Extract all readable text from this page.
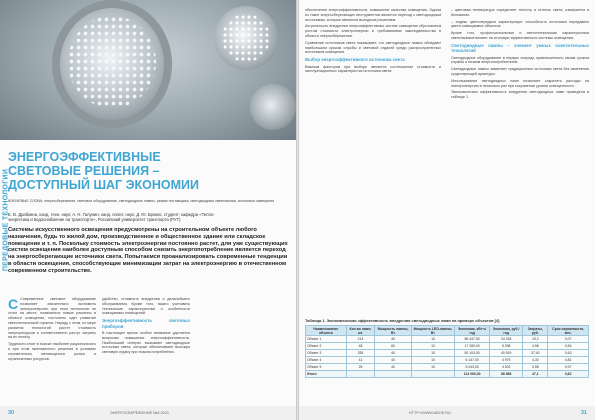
ПЕРЕДОВЫЕ ТЕХНОЛОГИИ
ЭНЕРГОЭФФЕКТИВНЫЕ
СВЕТОВЫЕ РЕШЕНИЯ –
ДОСТУПНЫЙ ШАГ ЭКОНОМИИ
КЛЮЧЕВЫЕ СЛОВА: энергосбережение, световое оборудование, светодиодные лампы, режим поставщика, светодиодные светильники, источники освещения
Е. В. Драбкина, канд. техн. наук; А. Н. Галунин, канд. полит. наук; Д. Ю. Брокко, студент; кафедра «Тепло-
энергетика и водоснабжение на транспорте», Российский университет транспорта (РУТ)
Системы искусственного освещения предусмотрены на строительном объекте любого назначения, будь то жилой дом, производственное и общественное здание или складское помещение и т. п. Поскольку стоимость электроэнергии постоянно растет, для уже существующих систем освещения наиболее доступным способом снизить энергопотребление является переход на энергосберегающие источники света. Попытаемся проанализировать современные тенденции в области освещения, способствующие минимизации затрат на электроэнергию в отечественном современном строительстве.

С Современное световое оборудование позволяет значительно экономить электроэнергию, при этом технологии не стоят на месте, появляются новые решения в области освещения, постоянно идет развитие светотехнической отрасли. Наряду с этим, по мере развития технологий растет стоимость энергоресурсов и соответственно растут затраты на их оплату.

Трудности стоят в поиске наиболее рационального и при этом экономичного решения в условиях стремительно меняющегося рынка и ограниченных ресурсов.

удобство, стоимость внедрения и дальнейшего обслуживания. Кроме того, важно учитывать технические характеристики и особенности освещаемых помещений.

Энергоэффективность световых приборов

В настоящее время особое внимание уделяется вопросам повышения энергоэффективности. Наибольший интерес вызывают светодиодные источники света, которые обеспечивают высокую световую отдачу при низком потреблении.

30	ЭНЕРГОСБЕРЕЖЕНИЕ №6 2021

обеспечение энергоэффективности, повышение качества освещения. Одним из таких энергосберегающих инструментов является переход к светодиодным источникам, которые являются выгодным решением.

Актуальность внедрения энергоэффективных систем освещения обусловлена ростом стоимости электроэнергии и требованиями законодательства в области энергосбережения.

Сравнение источников света показывает, что светодиодные лампы обладают наибольшим сроком службы и световой отдачей среди распространенных источников освещения.

Выбор энергоэффективного источника света

Важным фактором при выборе является соотношение стоимости и эксплуатационных характеристик источника света.

– цветовая температура определяет теплоту и оттенок света, измеряется в Кельвинах.

– индекс цветопередачи характеризует способность источника передавать цвета освещаемых объектов.

Кроме того, профессиональные и светотехнические характеристики светильников влияют на итоговую эффективность системы освещения.

Светодиодные лампы – элемент умных осветительных технологий

Светодиодное оборудование в первую очередь привлекательно своим сроком службы и низким энергопотреблением.

Светодиодные лампы заменяют традиционные источники света без изменения существующей арматуры.

Использование светодиодных ламп позволяет сократить расходы на электроэнергию в несколько раз при сохранении уровня освещенности.

Экономическая эффективность внедрения светодиодных ламп приведена в таблице 1.

Таблица 1. Экономическая эффективность внедрения светодиодных ламп на примере объектов [4]
Наименование объекта	Кол-во ламп, шт.	Мощность лампы, Вт	Мощность LED-лампы, Вт	Экономия, кВт·ч/год	Экономия, руб./год	Затраты, руб.	Срок окупаемости, мес.
Объект 1	213	40	10	56 447,00	34 318	19,2	0,07
Объект 2	48	60	12	17 280,00	5 298	4,96	0,54
Объект 3	339	40	10	50 103,00	40 519	37,40	0,63
Объект 4	41	40	10	6 147,00	4 979	4,30	0,81
Объект 5	25	40	10	5 043,00	4 002	3,98	0,97
Итого				114 060,00	88 868	47,1	0,62
HTTP://WWW.ABOK.RU	31
